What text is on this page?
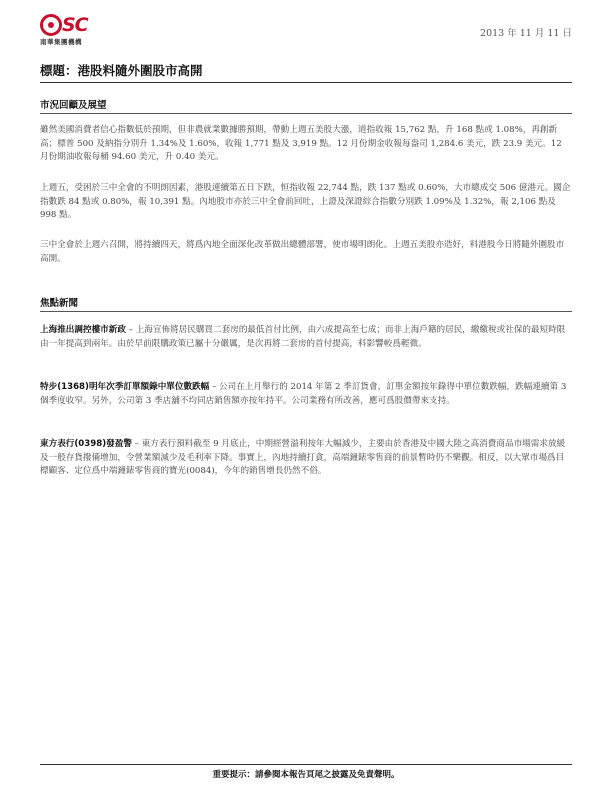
SC
南華集團機構
2013 年 11 月 11 日
標題：港股料隨外圍股市高開
市況回顧及展望

雖然美國消費者信心指數低於預期，但非農就業數據勝預期，帶動上週五美股大漲，道指收報 15,762 點，升 168 點或 1.08%，再創新高；標普 500 及納指分別升 1.34%及 1.60%，收報 1,771 點及 3,919 點。12 月份期金收報每盎司 1,284.6 美元，跌 23.9 美元。12 月份期油收報每桶 94.60 美元，升 0.40 美元。

上週五，受困於三中全會的不明朗因素，港股連續第五日下跌，恒指收報 22,744 點，跌 137 點或 0.60%，大市總成交 506 億港元。國企指數跌 84 點或 0.80%，報 10,391 點。內地股市亦於三中全會前回吐，上證及深證綜合指數分別跌 1.09%及 1.32%，報 2,106 點及 998 點。

三中全會於上週六召開，將持續四天，將爲內地全面深化改革做出總體部署，使市場明朗化。上週五美股亦造好，料港股今日將隨外圍股市高開。

焦點新聞

上海推出調控樓市新政 – 上海宣佈將居民購買二套房的最低首付比例，由六成提高至七成；而非上海戶籍的居民，繳繳稅或社保的最短時限由一年提高到兩年。由於早前限購政策已屬十分嚴厲，是次再將二套房的首付提高，料影響較爲輕微。

特步(1368)明年次季訂單額錄中單位數跌幅 – 公司在上月舉行的 2014 年第 2 季訂貨會，訂單金額按年錄得中單位數跌幅，跌幅連續第 3 個季度收窄。另外，公司第 3 季店舖不均同店銷售額亦按年持平。公司業務有所改善，應可爲股價帶來支持。

東方表行(0398)發盈警 – 東方表行預料截至 9 月底止，中期經營溢利按年大幅減少，主要由於香港及中國大陸之高消費商品市場需求放緩及一般存貨撥備增加，令營業額減少及毛利率下降。事實上，內地持續打貪，高端鐘錶零售商的前景暫時仍不樂觀。相反，以大眾市場爲目標顧客、定位爲中端鐘錶零售商的寶光(0084)，今年的銷售增長仍然不俗。

重要提示：請參閱本報告頁尾之披露及免責聲明。
